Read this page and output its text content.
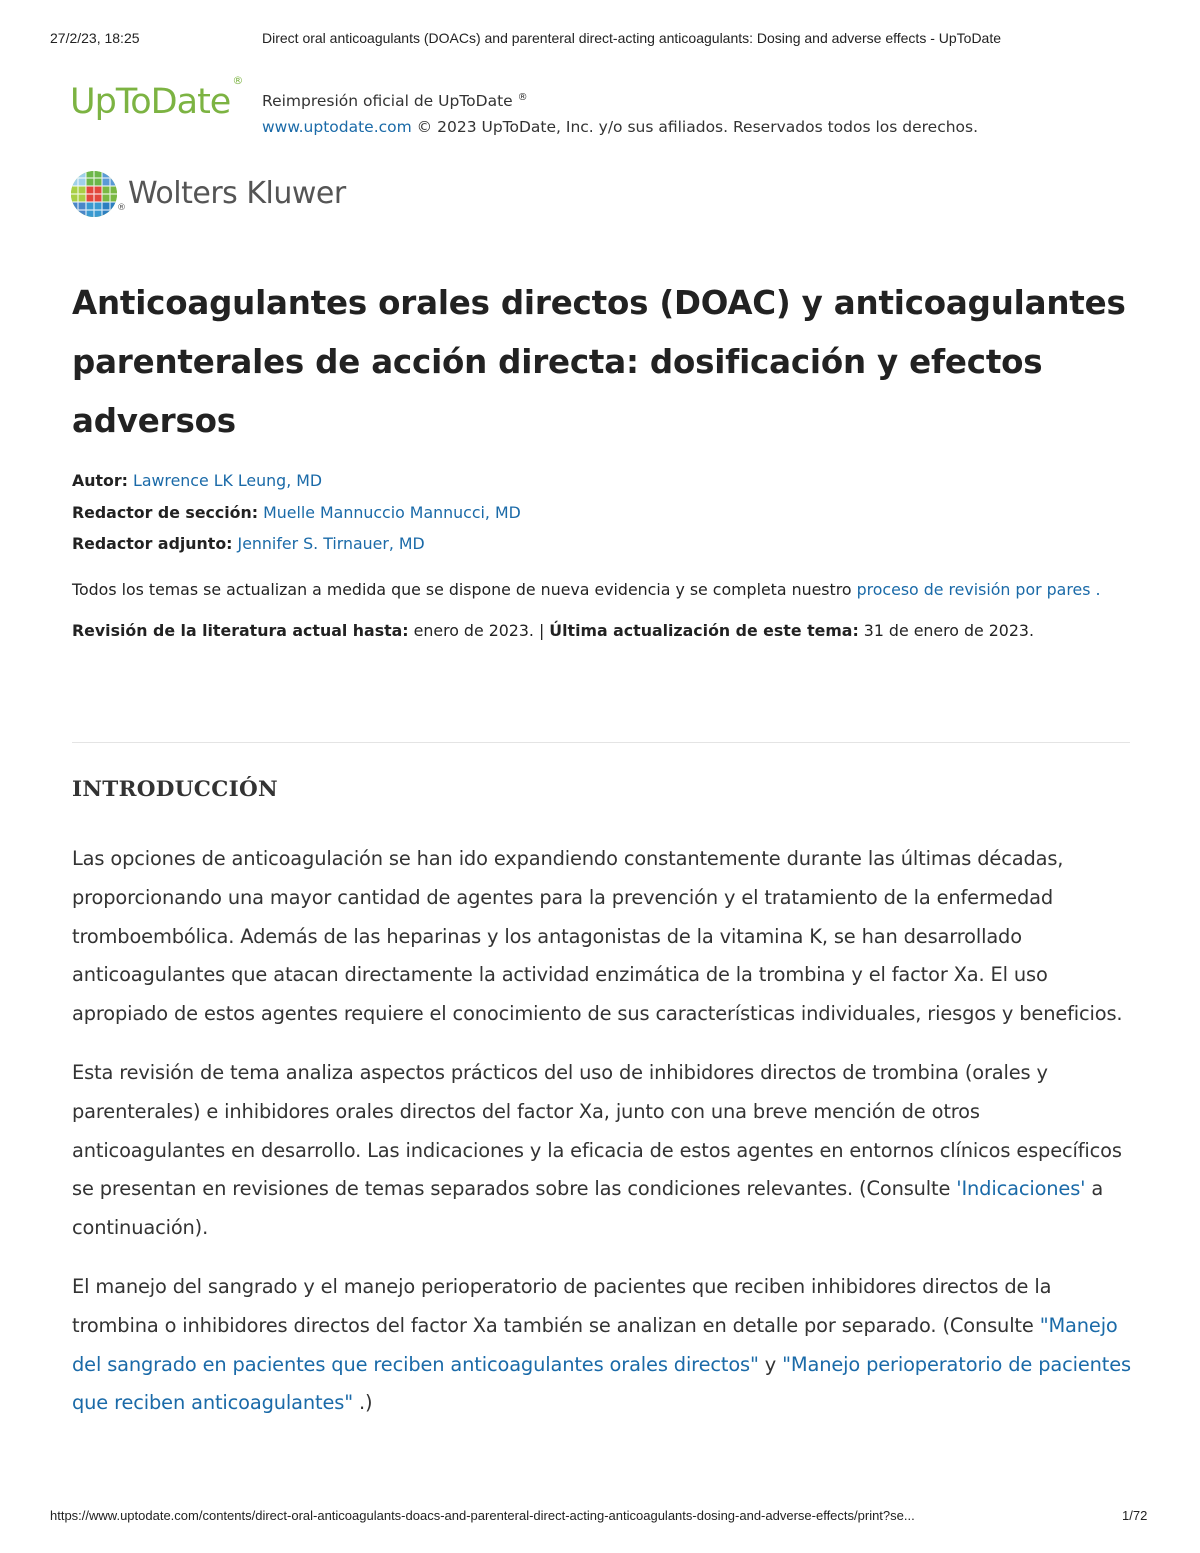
27/2/23, 18:25	Direct oral anticoagulants (DOACs) and parenteral direct-acting anticoagulants: Dosing and adverse effects - UpToDate
UpToDate®
Reimpresión oficial de UpToDate ®
www.uptodate.com © 2023 UpToDate, Inc. y/o sus afiliados. Reservados todos los derechos.
® Wolters Kluwer
Anticoagulantes orales directos (DOAC) y anticoagulantes parenterales de acción directa: dosificación y efectos adversos
Autor: Lawrence LK Leung, MD
Redactor de sección: Muelle Mannuccio Mannucci, MD
Redactor adjunto: Jennifer S. Tirnauer, MD
Todos los temas se actualizan a medida que se dispone de nueva evidencia y se completa nuestro proceso de revisión por pares .
Revisión de la literatura actual hasta: enero de 2023. | Última actualización de este tema: 31 de enero de 2023.
INTRODUCCIÓN

Las opciones de anticoagulación se han ido expandiendo constantemente durante las últimas décadas, proporcionando una mayor cantidad de agentes para la prevención y el tratamiento de la enfermedad tromboembólica. Además de las heparinas y los antagonistas de la vitamina K, se han desarrollado anticoagulantes que atacan directamente la actividad enzimática de la trombina y el factor Xa. El uso apropiado de estos agentes requiere el conocimiento de sus características individuales, riesgos y beneficios.

Esta revisión de tema analiza aspectos prácticos del uso de inhibidores directos de trombina (orales y parenterales) e inhibidores orales directos del factor Xa, junto con una breve mención de otros anticoagulantes en desarrollo. Las indicaciones y la eficacia de estos agentes en entornos clínicos específicos se presentan en revisiones de temas separados sobre las condiciones relevantes. (Consulte 'Indicaciones' a continuación).

El manejo del sangrado y el manejo perioperatorio de pacientes que reciben inhibidores directos de la trombina o inhibidores directos del factor Xa también se analizan en detalle por separado. (Consulte "Manejo del sangrado en pacientes que reciben anticoagulantes orales directos" y "Manejo perioperatorio de pacientes que reciben anticoagulantes" .)

https://www.uptodate.com/contents/direct-oral-anticoagulants-doacs-and-parenteral-direct-acting-anticoagulants-dosing-and-adverse-effects/print?se...	1/72
